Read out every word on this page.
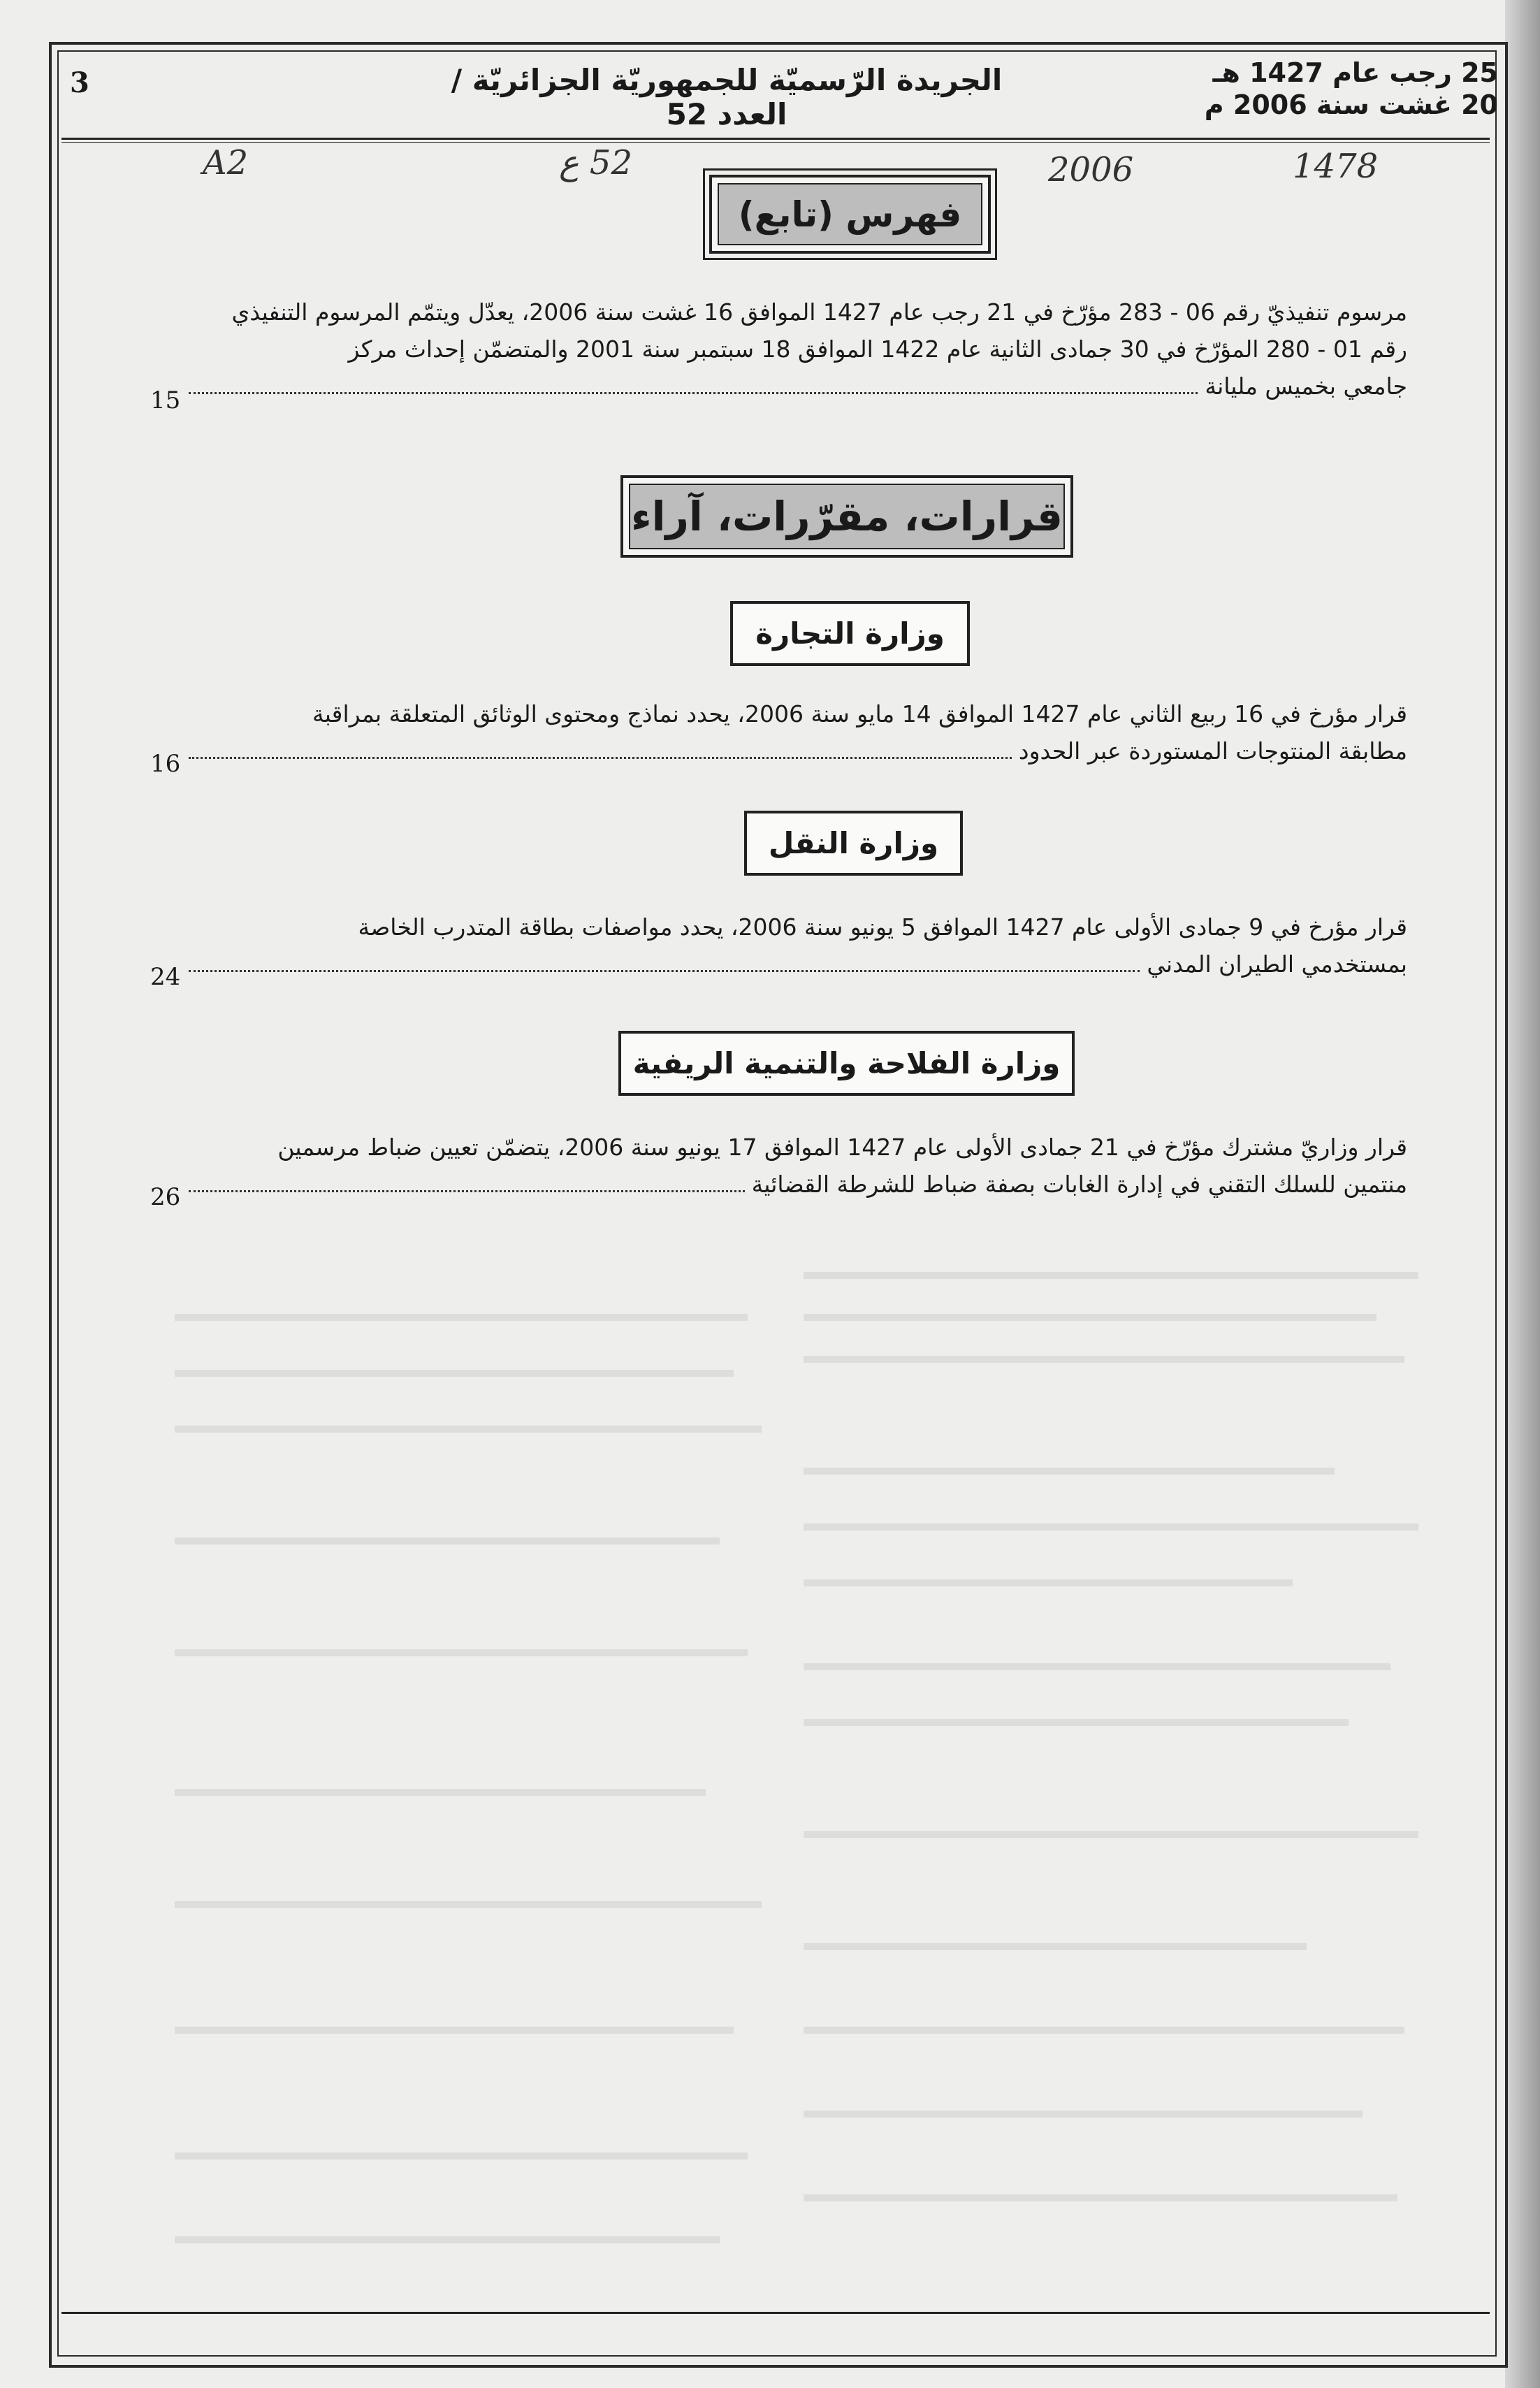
3	الجريدة الرّسميّة للجمهوريّة الجزائريّة / العدد 52
25 رجب عام 1427 هـ
20 غشت سنة 2006 م
A2	52 ع	2006	1478
فهرس (تابع)

مرسوم تنفيذيّ رقم 06 - 283 مؤرّخ في 21 رجب عام 1427 الموافق 16 غشت سنة 2006، يعدّل ويتمّم المرسوم التنفيذي

رقم 01 - 280 المؤرّخ في 30 جمادى الثانية عام 1422 الموافق 18 سبتمبر سنة 2001 والمتضمّن إحداث مركز

جامعي بخميس مليانة
15
قرارات، مقرّرات، آراء
وزارة التجارة

قرار مؤرخ في 16 ربيع الثاني عام 1427 الموافق 14 مايو سنة 2006، يحدد نماذج ومحتوى الوثائق المتعلقة بمراقبة

مطابقة المنتوجات المستوردة عبر الحدود
16
وزارة النقل

قرار مؤرخ في 9 جمادى الأولى عام 1427 الموافق 5 يونيو سنة 2006، يحدد مواصفات بطاقة المتدرب الخاصة

بمستخدمي الطيران المدني
24
وزارة الفلاحة والتنمية الريفية

قرار وزاريّ مشترك مؤرّخ في 21 جمادى الأولى عام 1427 الموافق 17 يونيو سنة 2006، يتضمّن تعيين ضباط مرسمين

منتمين للسلك التقني في إدارة الغابات بصفة ضباط للشرطة القضائية
26
